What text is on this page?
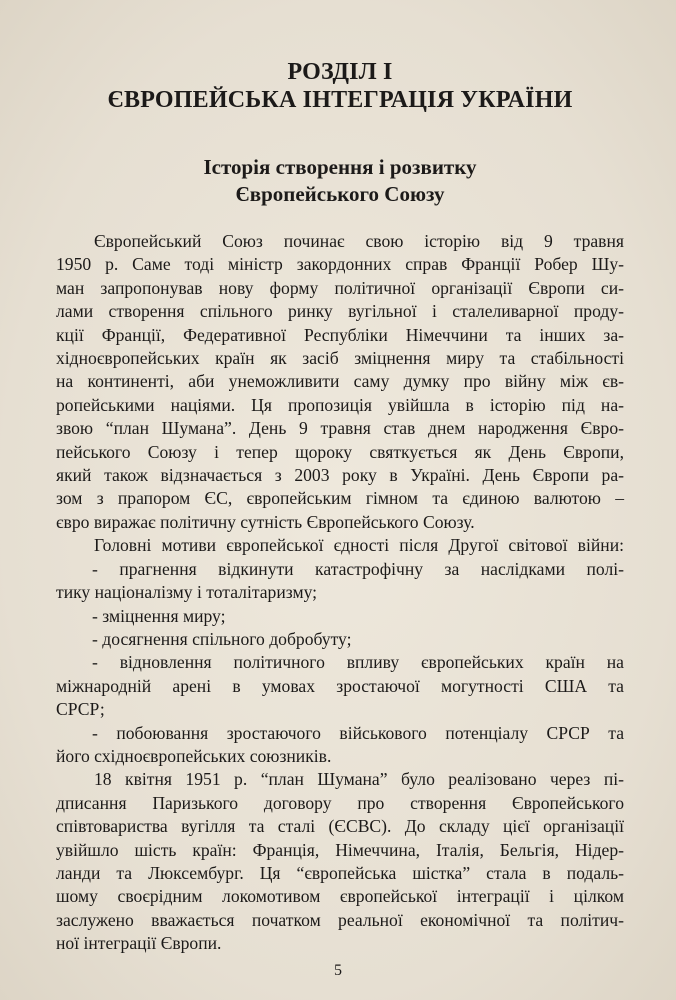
РОЗДІЛ І
ЄВРОПЕЙСЬКА ІНТЕГРАЦІЯ УКРАЇНИ
Історія створення і розвитку
Європейського Союзу
Європейський Союз починає свою історію від 9 травня
1950 р. Саме тоді міністр закордонних справ Франції Робер Шу-
ман запропонував нову форму політичної організації Європи си-
лами створення спільного ринку вугільної і сталеливарної проду-
кції Франції, Федеративної Республіки Німеччини та інших за-
хідноєвропейських країн як засіб зміцнення миру та стабільності
на континенті, аби унеможливити саму думку про війну між єв-
ропейськими націями. Ця пропозиція увійшла в історію під на-
звою “план Шумана”. День 9 травня став днем народження Євро-
пейського Союзу і тепер щороку святкується як День Європи,
який також відзначається з 2003 року в Україні. День Європи ра-
зом з прапором ЄС, європейським гімном та єдиною валютою –
євро виражає політичну сутність Європейського Союзу.
Головні мотиви європейської єдності після Другої світової війни:
- прагнення відкинути катастрофічну за наслідками полі-
тику націоналізму і тоталітаризму;
- зміцнення миру;
- досягнення спільного добробуту;
- відновлення політичного впливу європейських країн на
міжнародній арені в умовах зростаючої могутності США та
СРСР;
- побоювання зростаючого військового потенціалу СРСР та
його східноєвропейських союзників.
18 квітня 1951 р. “план Шумана” було реалізовано через пі-
дписання Паризького договору про створення Європейського
співтовариства вугілля та сталі (ЄСВС). До складу цієї організації
увійшло шість країн: Франція, Німеччина, Італія, Бельгія, Нідер-
ланди та Люксембург. Ця “європейська шістка” стала в подаль-
шому своєрідним локомотивом європейської інтеграції і цілком
заслужено вважається початком реальної економічної та політич-
ної інтеграції Європи.
5
